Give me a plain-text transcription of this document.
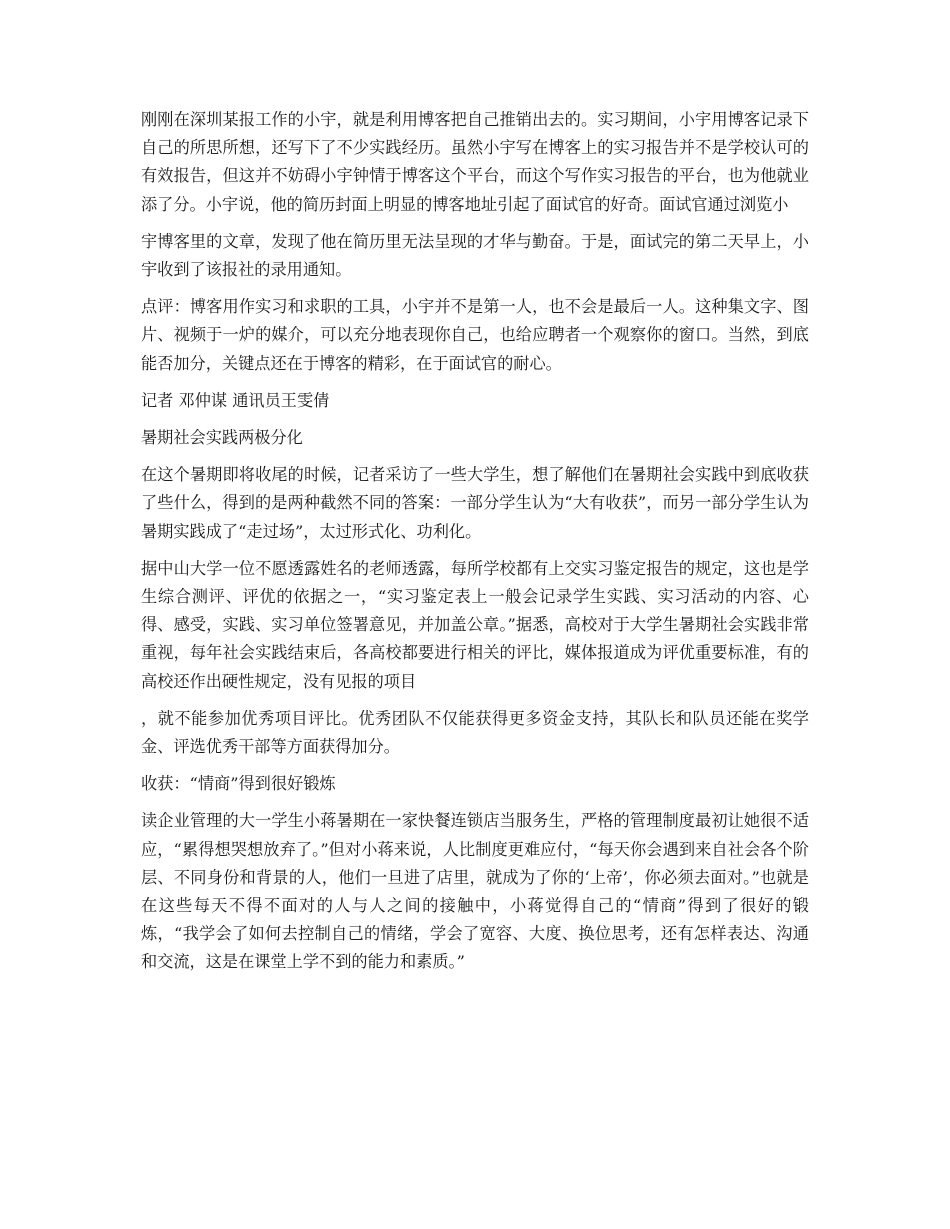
刚刚在深圳某报工作的小宇，就是利用博客把自己推销出去的。实习期间，小宇用博客记录下自己的所思所想，还写下了不少实践经历。虽然小宇写在博客上的实习报告并不是学校认可的有效报告，但这并不妨碍小宇钟情于博客这个平台，而这个写作实习报告的平台，也为他就业添了分。小宇说，他的简历封面上明显的博客地址引起了面试官的好奇。面试官通过浏览小

宇博客里的文章，发现了他在简历里无法呈现的才华与勤奋。于是，面试完的第二天早上，小宇收到了该报社的录用通知。

点评：博客用作实习和求职的工具，小宇并不是第一人，也不会是最后一人。这种集文字、图片、视频于一炉的媒介，可以充分地表现你自己，也给应聘者一个观察你的窗口。当然，到底能否加分，关键点还在于博客的精彩，在于面试官的耐心。

记者 邓仲谋 通讯员王雯倩

暑期社会实践两极分化

在这个暑期即将收尾的时候，记者采访了一些大学生，想了解他们在暑期社会实践中到底收获了些什么，得到的是两种截然不同的答案：一部分学生认为“大有收获”，而另一部分学生认为暑期实践成了“走过场”，太过形式化、功利化。

据中山大学一位不愿透露姓名的老师透露，每所学校都有上交实习鉴定报告的规定，这也是学生综合测评、评优的依据之一，“实习鉴定表上一般会记录学生实践、实习活动的内容、心得、感受，实践、实习单位签署意见，并加盖公章。”据悉，高校对于大学生暑期社会实践非常重视，每年社会实践结束后，各高校都要进行相关的评比，媒体报道成为评优重要标准，有的高校还作出硬性规定，没有见报的项目

，就不能参加优秀项目评比。优秀团队不仅能获得更多资金支持，其队长和队员还能在奖学金、评选优秀干部等方面获得加分。

收获：“情商”得到很好锻炼

读企业管理的大一学生小蒋暑期在一家快餐连锁店当服务生，严格的管理制度最初让她很不适应，“累得想哭想放弃了。”但对小蒋来说，人比制度更难应付，“每天你会遇到来自社会各个阶层、不同身份和背景的人，他们一旦进了店里，就成为了你的‘上帝’，你必须去面对。”也就是在这些每天不得不面对的人与人之间的接触中，小蒋觉得自己的“情商”得到了很好的锻炼，“我学会了如何去控制自己的情绪，学会了宽容、大度、换位思考，还有怎样表达、沟通和交流，这是在课堂上学不到的能力和素质。”
